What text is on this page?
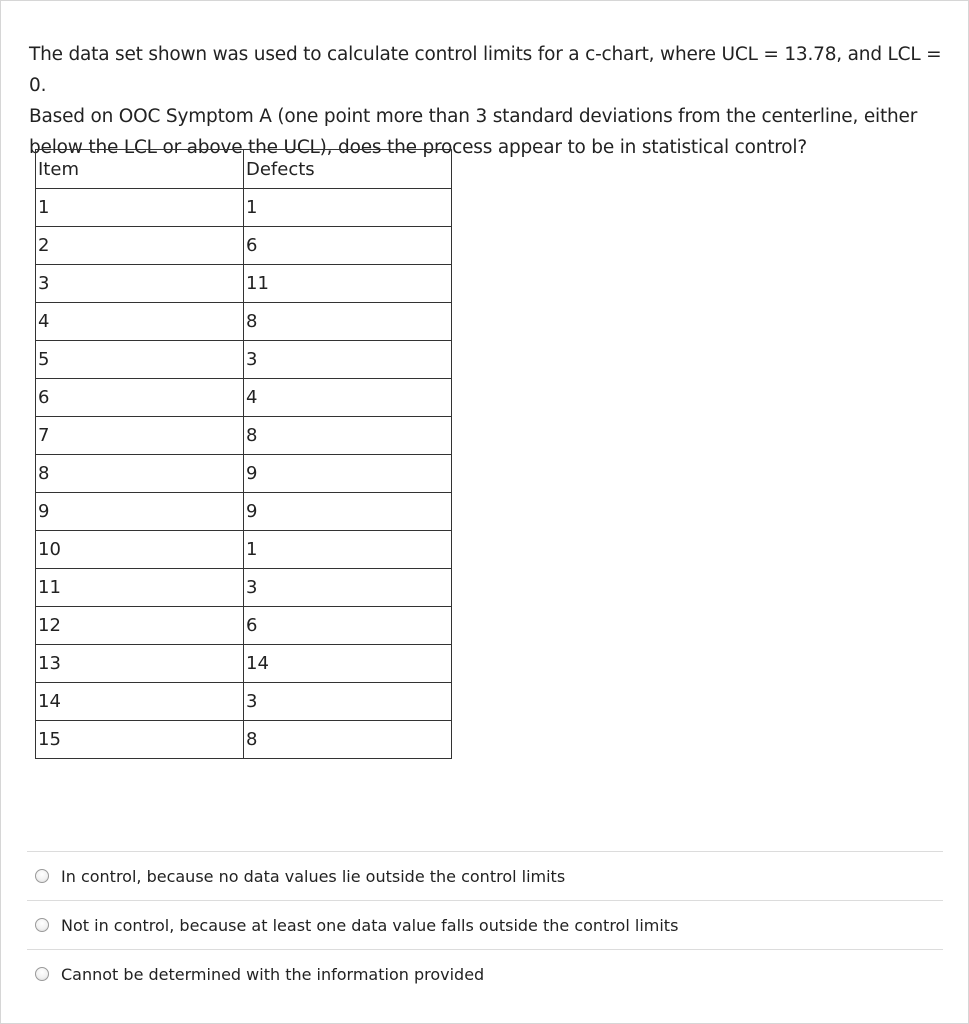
The data set shown was used to calculate control limits for a c-chart, where UCL = 13.78, and LCL = 0.

Based on OOC Symptom A (one point more than 3 standard deviations from the centerline, either

below the LCL or above the UCL), does the process appear to be in statistical control?

Item	Defects
1	1
2	6
3	11
4	8
5	3
6	4
7	8
8	9
9	9
10	1
11	3
12	6
13	14
14	3
15	8
In control, because no data values lie outside the control limits
Not in control, because at least one data value falls outside the control limits
Cannot be determined with the information provided
